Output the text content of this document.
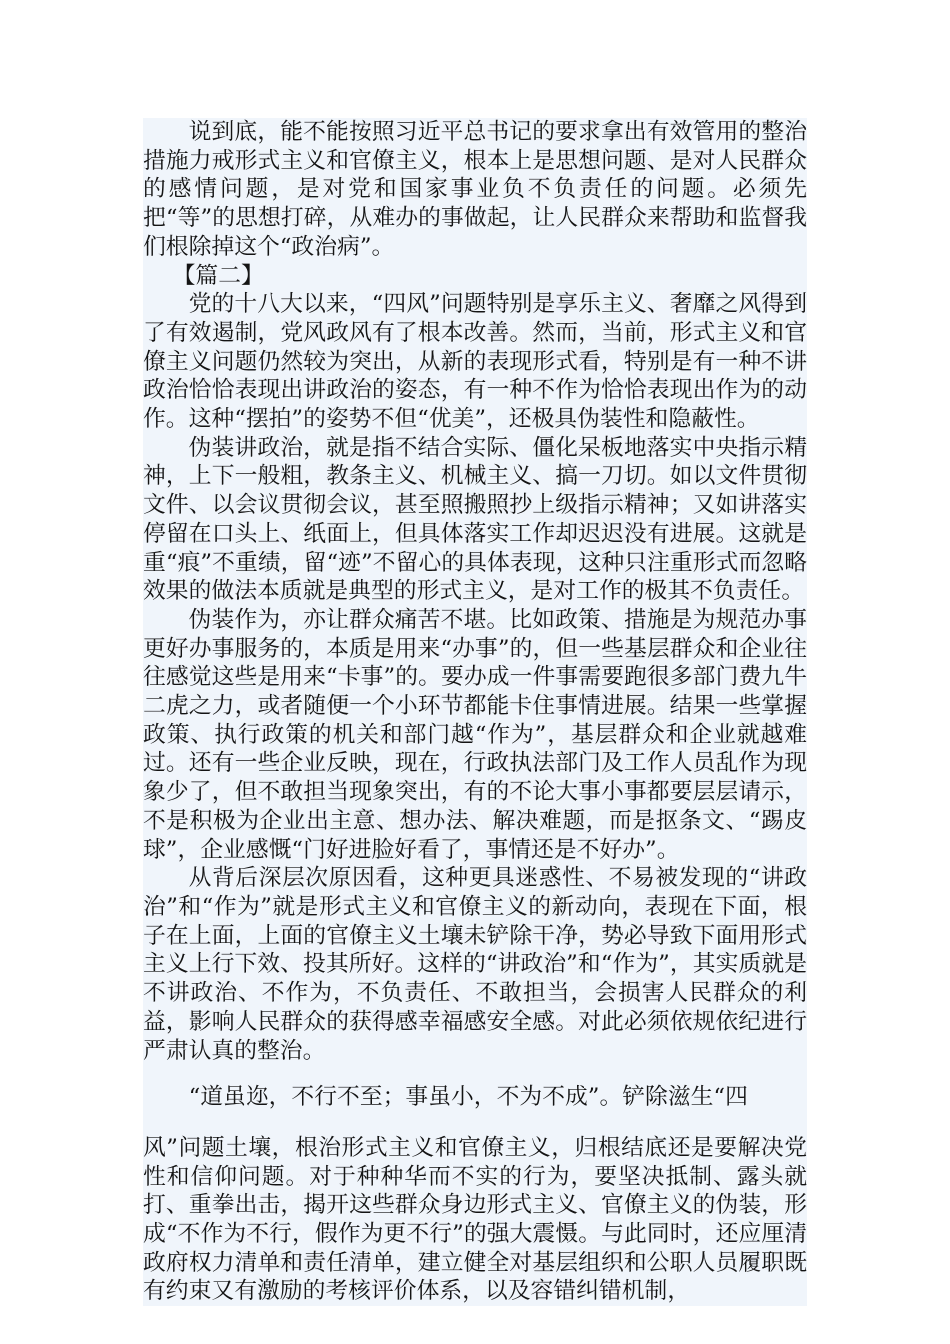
说到底，能不能按照习近平总书记的要求拿出有效管用的整治措施力戒形式主义和官僚主义，根本上是思想问题、是对人民群众的感情问题，是对党和国家事业负不负责任的问题。必须先把“等”的思想打碎，从难办的事做起，让人民群众来帮助和监督我们根除掉这个“政治病”。

【篇二】

党的十八大以来，“四风”问题特别是享乐主义、奢靡之风得到了有效遏制，党风政风有了根本改善。然而，当前，形式主义和官僚主义问题仍然较为突出，从新的表现形式看，特别是有一种不讲政治恰恰表现出讲政治的姿态，有一种不作为恰恰表现出作为的动作。这种“摆拍”的姿势不但“优美”，还极具伪装性和隐蔽性。

伪装讲政治，就是指不结合实际、僵化呆板地落实中央指示精神，上下一般粗，教条主义、机械主义、搞一刀切。如以文件贯彻文件、以会议贯彻会议，甚至照搬照抄上级指示精神；又如讲落实停留在口头上、纸面上，但具体落实工作却迟迟没有进展。这就是重“痕”不重绩，留“迹”不留心的具体表现，这种只注重形式而忽略效果的做法本质就是典型的形式主义，是对工作的极其不负责任。

伪装作为，亦让群众痛苦不堪。比如政策、措施是为规范办事更好办事服务的，本质是用来“办事”的，但一些基层群众和企业往往感觉这些是用来“卡事”的。要办成一件事需要跑很多部门费九牛二虎之力，或者随便一个小环节都能卡住事情进展。结果一些掌握政策、执行政策的机关和部门越“作为”，基层群众和企业就越难过。还有一些企业反映，现在，行政执法部门及工作人员乱作为现象少了，但不敢担当现象突出，有的不论大事小事都要层层请示，不是积极为企业出主意、想办法、解决难题，而是抠条文、“踢皮球”，企业感慨“门好进脸好看了，事情还是不好办”。

从背后深层次原因看，这种更具迷惑性、不易被发现的“讲政治”和“作为”就是形式主义和官僚主义的新动向，表现在下面，根子在上面，上面的官僚主义土壤未铲除干净，势必导致下面用形式主义上行下效、投其所好。这样的“讲政治”和“作为”，其实质就是不讲政治、不作为，不负责任、不敢担当，会损害人民群众的利益，影响人民群众的获得感幸福感安全感。对此必须依规依纪进行严肃认真的整治。

“道虽迩，不行不至；事虽小，不为不成”。铲除滋生“四

风”问题土壤，根治形式主义和官僚主义，归根结底还是要解决党性和信仰问题。对于种种华而不实的行为，要坚决抵制、露头就打、重拳出击，揭开这些群众身边形式主义、官僚主义的伪装，形成“不作为不行，假作为更不行”的强大震慑。与此同时，还应厘清政府权力清单和责任清单，建立健全对基层组织和公职人员履职既有约束又有激励的考核评价体系，以及容错纠错机制，
